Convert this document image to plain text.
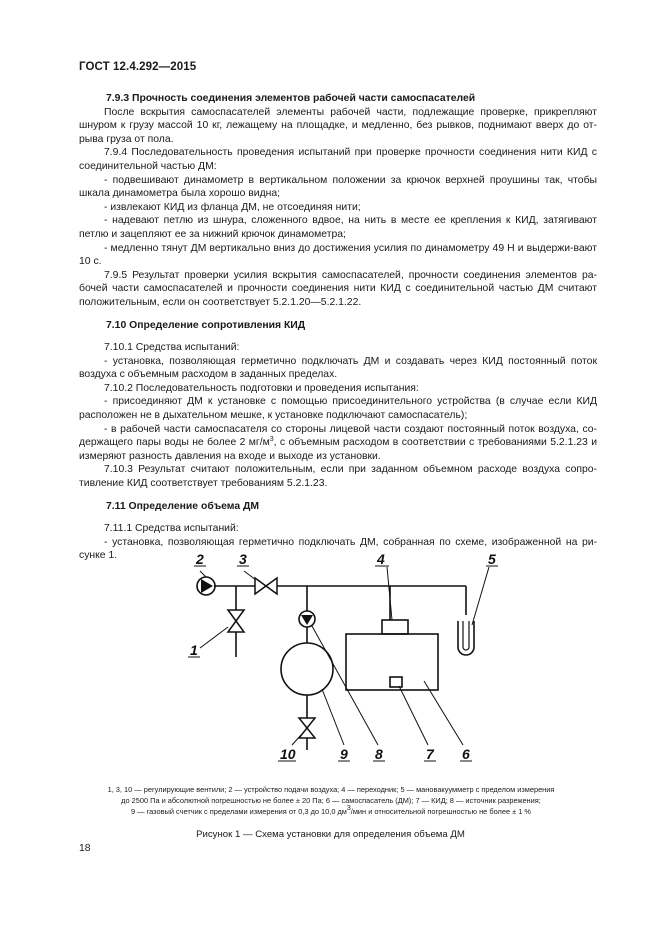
ГОСТ 12.4.292—2015

7.9.3 Прочность соединения элементов рабочей части самоспасателей

После вскрытия самоспасателей элементы рабочей части, подлежащие проверке, прикрепляют шнуром к грузу массой 10 кг, лежащему на площадке, и медленно, без рывков, поднимают вверх до от-рыва груза от пола.

7.9.4 Последовательность проведения испытаний при проверке прочности соединения нити КИД с соединительной частью ДМ:

- подвешивают динамометр в вертикальном положении за крючок верхней проушины так, чтобы шкала динамометра была хорошо видна;

- извлекают КИД из фланца ДМ, не отсоединяя нити;

- надевают петлю из шнура, сложенного вдвое, на нить в месте ее крепления к КИД, затягивают петлю и зацепляют ее за нижний крючок динамометра;

- медленно тянут ДМ вертикально вниз до достижения усилия по динамометру 49 Н и выдержи-вают 10 с.

7.9.5 Результат проверки усилия вскрытия самоспасателей, прочности соединения элементов ра-бочей части самоспасателей и прочности соединения нити КИД с соединительной частью ДМ считают положительным, если он соответствует 5.2.1.20—5.2.1.22.

7.10 Определение сопротивления КИД

7.10.1 Средства испытаний:

- установка, позволяющая герметично подключать ДМ и создавать через КИД постоянный поток воздуха с объемным расходом в заданных пределах.

7.10.2 Последовательность подготовки и проведения испытания:

- присоединяют ДМ к установке с помощью присоединительного устройства (в случае если КИД расположен не в дыхательном мешке, к установке подключают самоспасатель);

- в рабочей части самоспасателя со стороны лицевой части создают постоянный поток воздуха, со-держащего пары воды не более 2 $мг/м^3$, с объемным расходом в соответствии с требованиями 5.2.1.23 и измеряют разность давления на входе и выходе из установки.

7.10.3 Результат считают положительным, если при заданном объемном расходе воздуха сопро-тивление КИД соответствует требованиям 5.2.1.23.

7.11 Определение объема ДМ

7.11.1 Средства испытаний:

- установка, позволяющая герметично подключать ДМ, собранная по схеме, изображенной на ри-сунке 1.	2	3	4	5
1
10	9 8	7 6
1, 3, 10 — регулирующие вентили; 2 — устройство подачи воздуха; 4 — переходник; 5 — мановакуумметр с пределом измерения
до 2500 Па и абсолютной погрешностью не более ± 20 Па; 6 — самоспасатель (ДМ); 7 — КИД; 8 — источник разрежения;
9 — газовый счетчик с пределами измерения от 0,3 до 10,0 $дм^3$/мин и относительной погрешностью не более ± 1 %
Рисунок 1 — Схема установки для определения объема ДМ
18
